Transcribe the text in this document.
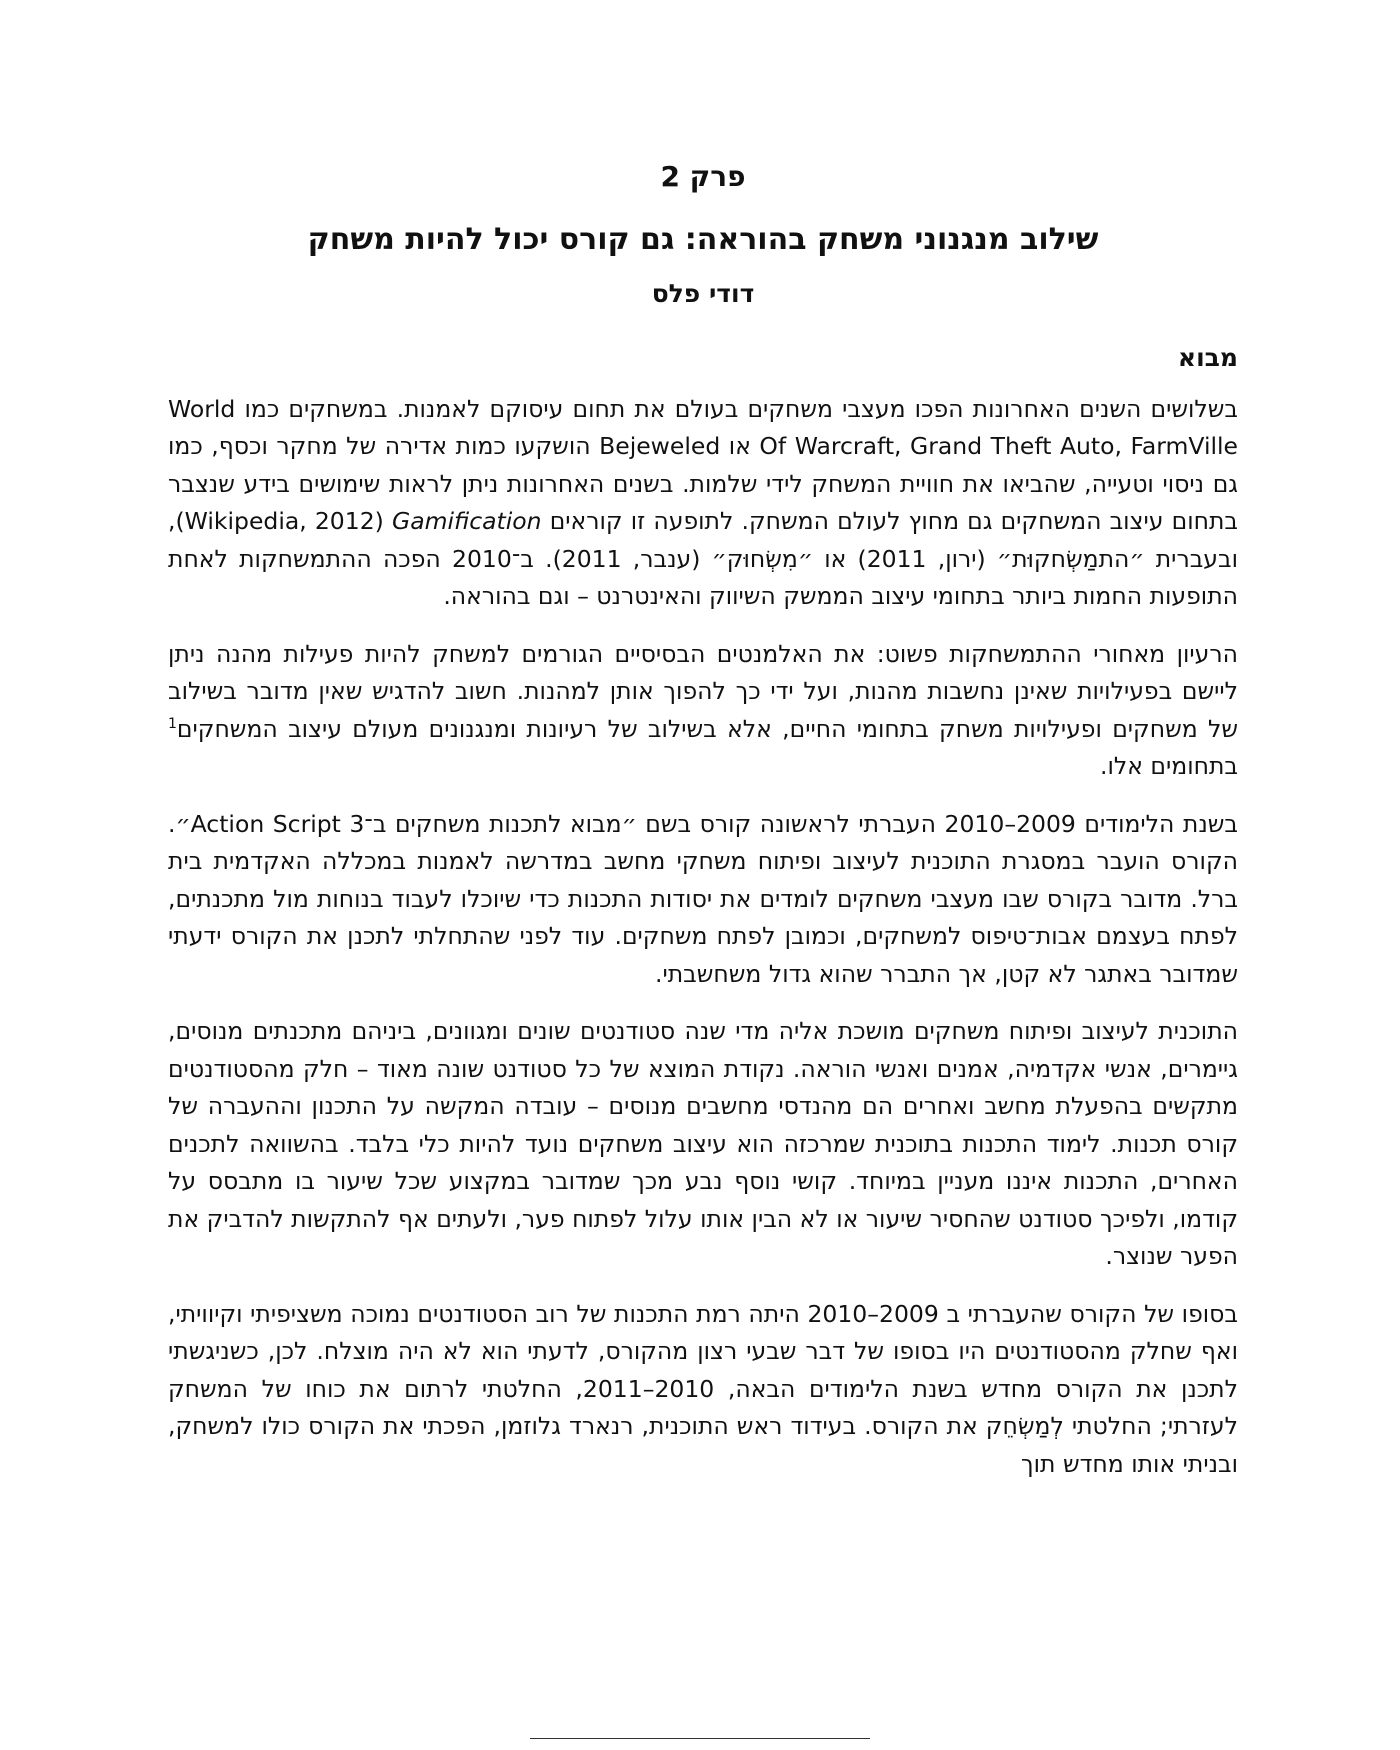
פרק 2
שילוב מנגנוני משחק בהוראה: גם קורס יכול להיות משחק
דודי פלס
מבוא

בשלושים השנים האחרונות הפכו מעצבי משחקים בעולם את תחום עיסוקם לאמנות. במשחקים כמו World Of Warcraft, Grand Theft Auto, FarmVille או Bejeweled הושקעו כמות אדירה של מחקר וכסף, כמו גם ניסוי וטעייה, שהביאו את חוויית המשחק לידי שלמות. בשנים האחרונות ניתן לראות שימושים בידע שנצבר בתחום עיצוב המשחקים גם מחוץ לעולם המשחק. לתופעה זו קוראים Gamification (Wikipedia, 2012), ובעברית ״התמַשְׂחקוּת״ (ירון, 2011) או ״מִשְׂחוּק״ (ענבר, 2011). ב־2010 הפכה ההתמשחקות לאחת התופעות החמות ביותר בתחומי עיצוב הממשק השיווק והאינטרנט – וגם בהוראה.

הרעיון מאחורי ההתמשחקות פשוט: את האלמנטים הבסיסיים הגורמים למשחק להיות פעילות מהנה ניתן ליישם בפעילויות שאינן נחשבות מהנות, ועל ידי כך להפוך אותן למהנות. חשוב להדגיש שאין מדובר בשילוב של משחקים ופעילויות משחק בתחומי החיים, אלא בשילוב של רעיונות ומנגנונים מעולם עיצוב המשחקים$^1$ בתחומים אלו.

בשנת הלימודים 2009–2010 העברתי לראשונה קורס בשם ״מבוא לתכנות משחקים ב־Action Script 3״. הקורס הועבר במסגרת התוכנית לעיצוב ופיתוח משחקי מחשב במדרשה לאמנות במכללה האקדמית בית ברל. מדובר בקורס שבו מעצבי משחקים לומדים את יסודות התכנות כדי שיוכלו לעבוד בנוחות מול מתכנתים, לפתח בעצמם אבות־טיפוס למשחקים, וכמובן לפתח משחקים. עוד לפני שהתחלתי לתכנן את הקורס ידעתי שמדובר באתגר לא קטן, אך התברר שהוא גדול משחשבתי.

התוכנית לעיצוב ופיתוח משחקים מושכת אליה מדי שנה סטודנטים שונים ומגוונים, ביניהם מתכנתים מנוסים, גיימרים, אנשי אקדמיה, אמנים ואנשי הוראה. נקודת המוצא של כל סטודנט שונה מאוד – חלק מהסטודנטים מתקשים בהפעלת מחשב ואחרים הם מהנדסי מחשבים מנוסים – עובדה המקשה על התכנון וההעברה של קורס תכנות. לימוד התכנות בתוכנית שמרכזה הוא עיצוב משחקים נועד להיות כלי בלבד. בהשוואה לתכנים האחרים, התכנות איננו מעניין במיוחד. קושי נוסף נבע מכך שמדובר במקצוע שכל שיעור בו מתבסס על קודמו, ולפיכך סטודנט שהחסיר שיעור או לא הבין אותו עלול לפתוח פער, ולעתים אף להתקשות להדביק את הפער שנוצר.

בסופו של הקורס שהעברתי ב 2009–2010 היתה רמת התכנות של רוב הסטודנטים נמוכה משציפיתי וקיוויתי, ואף שחלק מהסטודנטים היו בסופו של דבר שבעי רצון מהקורס, לדעתי הוא לא היה מוצלח. לכן, כשניגשתי לתכנן את הקורס מחדש בשנת הלימודים הבאה, 2010–2011, החלטתי לרתום את כוחו של המשחק לעזרתי; החלטתי לְמַשְׂחֵק את הקורס. בעידוד ראש התוכנית, רנארד גלוזמן, הפכתי את הקורס כולו למשחק, ובניתי אותו מחדש תוך
